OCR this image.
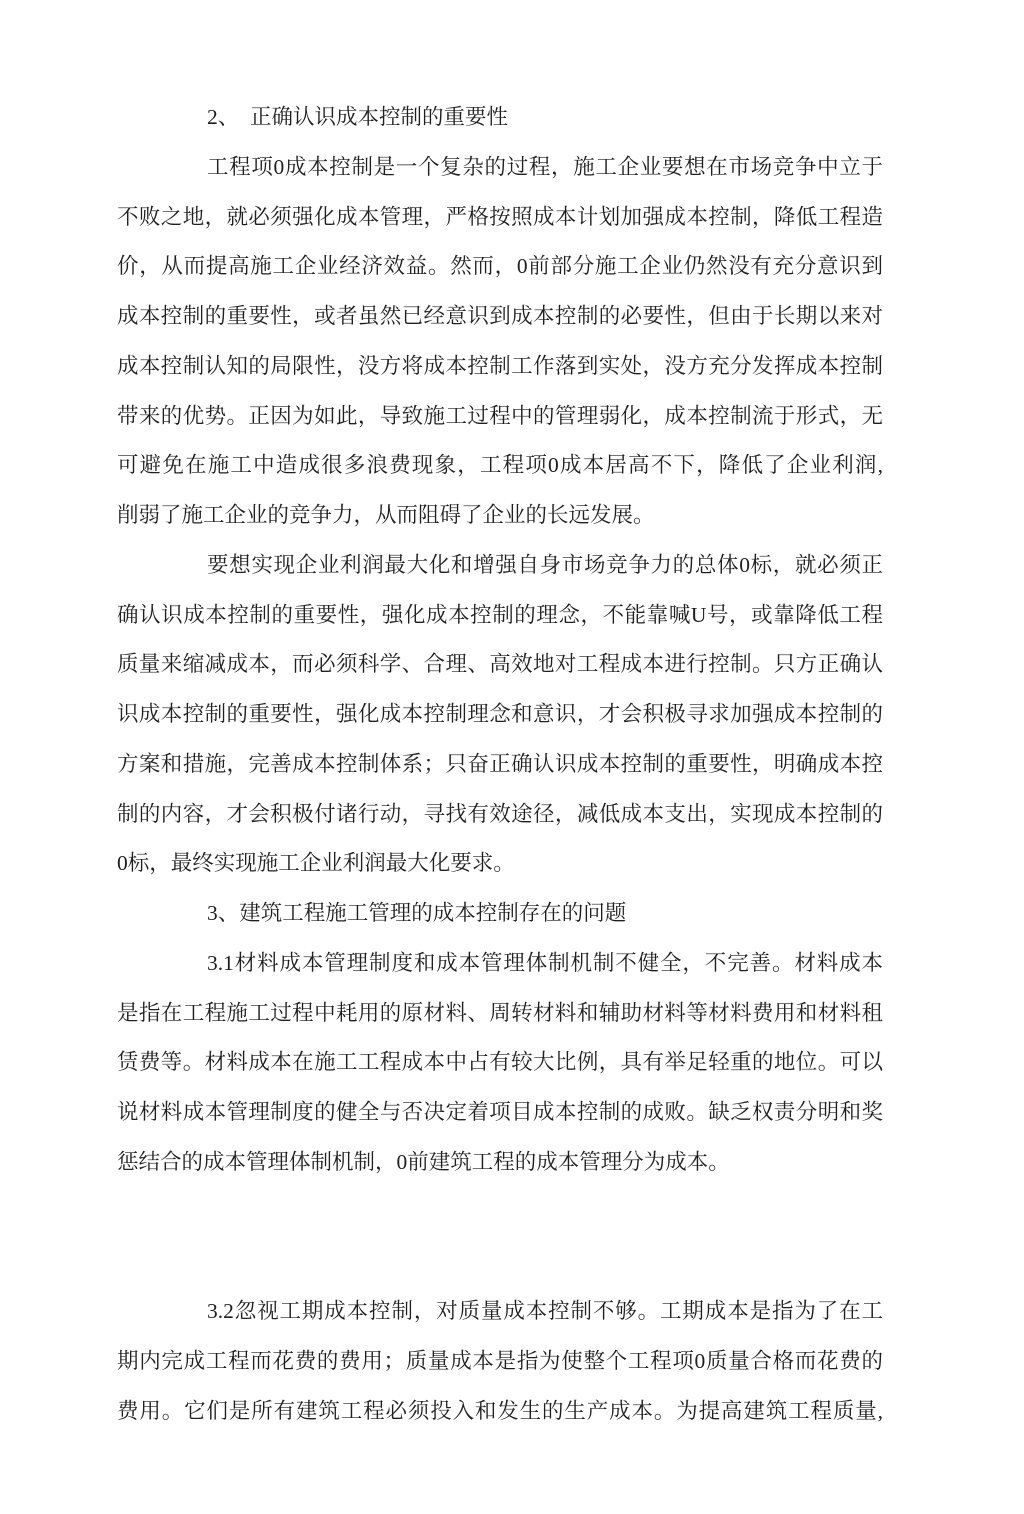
2、　正确认识成本控制的重要性
工程项0成本控制是一个复杂的过程，施工企业要想在市场竞争中立于
不败之地，就必须强化成本管理，严格按照成本计划加强成本控制，降低工程造
价，从而提高施工企业经济效益。然而，0前部分施工企业仍然没有充分意识到
成本控制的重要性，或者虽然已经意识到成本控制的必要性，但由于长期以来对
成本控制认知的局限性，没方将成本控制工作落到实处，没方充分发挥成本控制
带来的优势。正因为如此，导致施工过程中的管理弱化，成本控制流于形式，无
可避免在施工中造成很多浪费现象，工程项0成本居高不下，降低了企业利润,
削弱了施工企业的竞争力，从而阻碍了企业的长远发展。
要想实现企业利润最大化和增强自身市场竞争力的总体0标，就必须正
确认识成本控制的重要性，强化成本控制的理念，不能靠喊U号，或靠降低工程
质量来缩减成本，而必须科学、合理、高效地对工程成本进行控制。只方正确认
识成本控制的重要性，强化成本控制理念和意识，才会积极寻求加强成本控制的
方案和措施，完善成本控制体系；只奋正确认识成本控制的重要性，明确成本控
制的内容，才会积极付诸行动，寻找有效途径，减低成本支出，实现成本控制的
0标，最终实现施工企业利润最大化要求。
3、建筑工程施工管理的成本控制存在的问题
3.1材料成本管理制度和成本管理体制机制不健全，不完善。材料成本
是指在工程施工过程中耗用的原材料、周转材料和辅助材料等材料费用和材料租
赁费等。材料成本在施工工程成本中占有较大比例，具有举足轻重的地位。可以
说材料成本管理制度的健全与否决定着项目成本控制的成败。缺乏权责分明和奖
惩结合的成本管理体制机制，0前建筑工程的成本管理分为成本。
3.2忽视工期成本控制，对质量成本控制不够。工期成本是指为了在工
期内完成工程而花费的费用；质量成本是指为使整个工程项0质量合格而花费的
费用。它们是所有建筑工程必须投入和发生的生产成本。为提高建筑工程质量,
